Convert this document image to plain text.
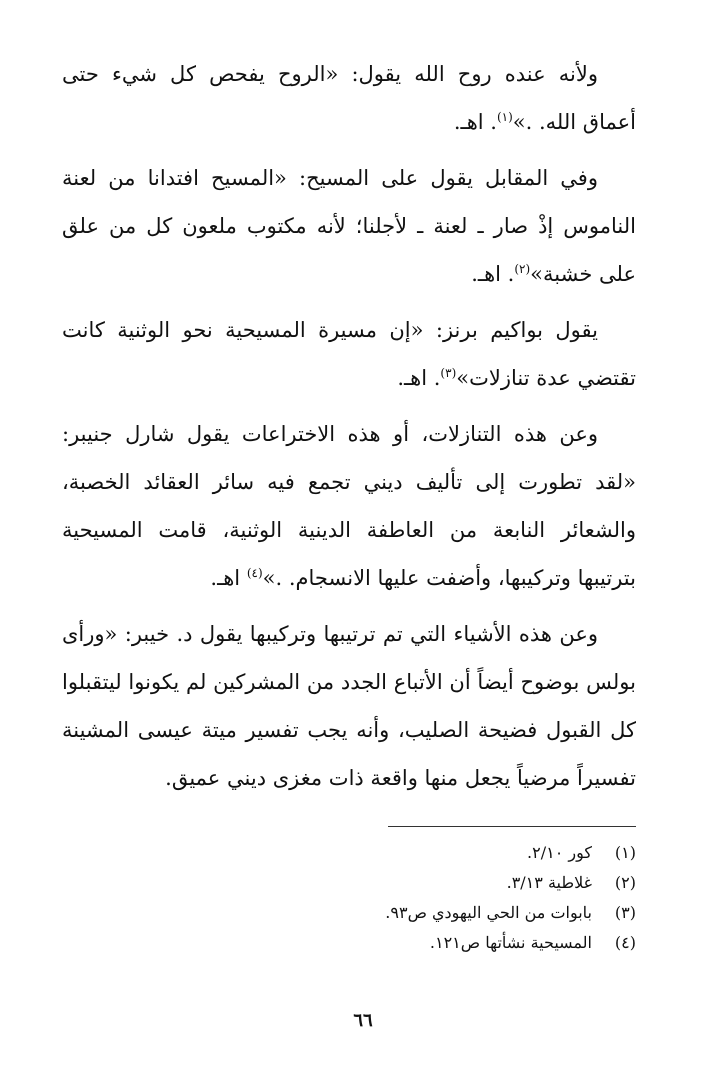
ولأنه عنده روح الله يقول: «الروح يفحص كل شيء حتى أعماق الله. .»$^{(١)}$. اهـ.

وفي المقابل يقول على المسيح: «المسيح افتدانا من لعنة الناموس إذْ صار ـ لعنة ـ لأجلنا؛ لأنه مكتوب ملعون كل من علق على خشبة»$^{(٢)}$. اهـ.

يقول بواكيم برنز: «إن مسيرة المسيحية نحو الوثنية كانت تقتضي عدة تنازلات»$^{(٣)}$. اهـ.

وعن هذه التنازلات، أو هذه الاختراعات يقول شارل جنيبر: «لقد تطورت إلى تأليف ديني تجمع فيه سائر العقائد الخصبة، والشعائر النابعة من العاطفة الدينية الوثنية، قامت المسيحية بترتيبها وتركيبها، وأضفت عليها الانسجام. .»$^{(٤)}$ اهـ.

وعن هذه الأشياء التي تم ترتيبها وتركيبها يقول د. خيبر: «ورأى بولس بوضوح أيضاً أن الأتباع الجدد من المشركين لم يكونوا ليتقبلوا كل القبول فضيحة الصليب، وأنه يجب تفسير ميتة عيسى المشينة تفسيراً مرضياً يجعل منها واقعة ذات مغزى ديني عميق.

(١)
كور ٢/١٠.
(٢)
غلاطية ٣/١٣.
(٣)
بابوات من الحي اليهودي ص٩٣.
(٤)
المسيحية نشأتها ص١٢١.
٦٦
